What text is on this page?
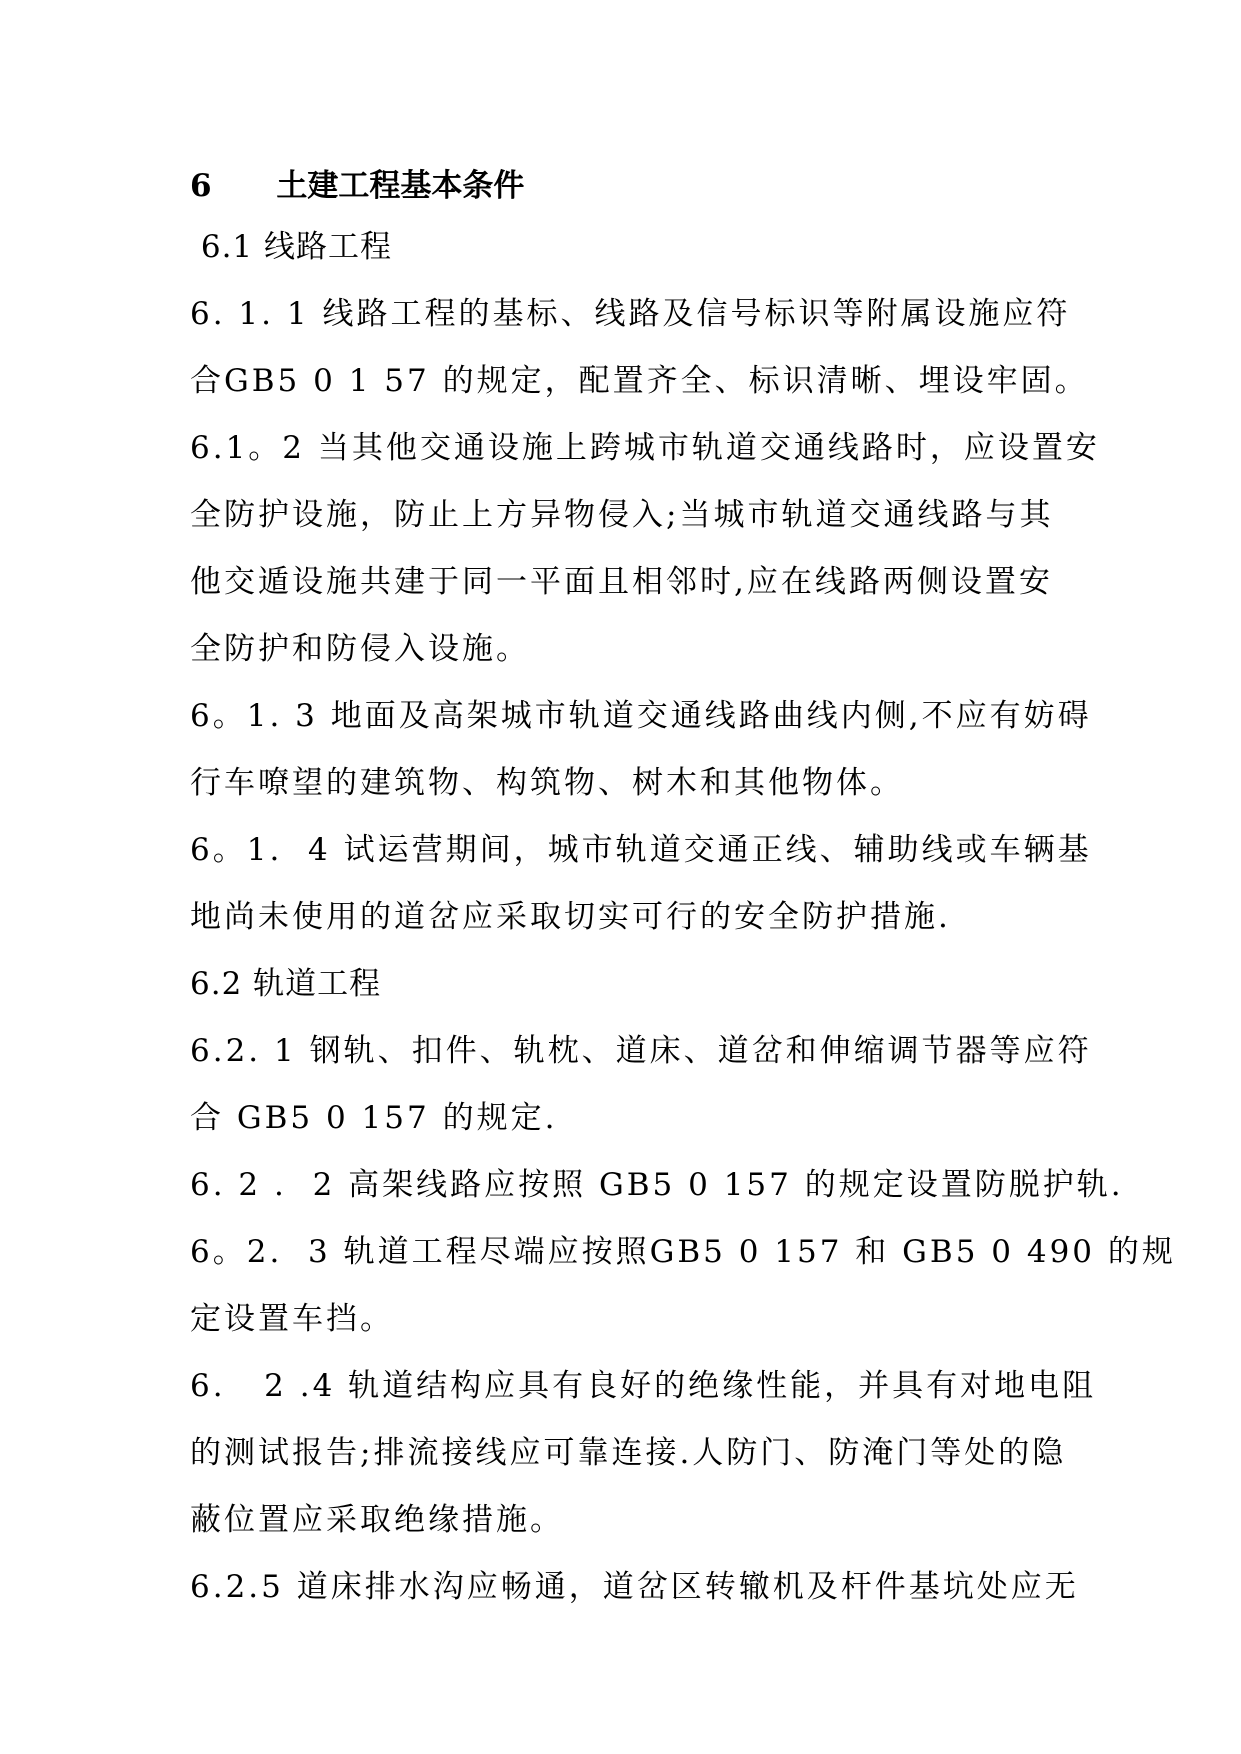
6      土建工程基本条件
6.1 线路工程
6. 1. 1 线路工程的基标、线路及信号标识等附属设施应符
合GB5 0 1 57 的规定，配置齐全、标识清晰、埋设牢固。
6.1。2 当其他交通设施上跨城市轨道交通线路时，应设置安
全防护设施，防止上方异物侵入;当城市轨道交通线路与其
他交遁设施共建于同一平面且相邻时,应在线路两侧设置安
全防护和防侵入设施。
6。1. 3 地面及高架城市轨道交通线路曲线内侧,不应有妨碍
行车嘹望的建筑物、构筑物、树木和其他物体。
6。1.  4 试运营期间，城市轨道交通正线、辅助线或车辆基
地尚未使用的道岔应采取切实可行的安全防护措施.
6.2 轨道工程
6.2. 1 钢轨、扣件、轨枕、道床、道岔和伸缩调节器等应符
合 GB5 0 157 的规定.
6. 2 .  2 高架线路应按照 GB5 0 157 的规定设置防脱护轨.
6。2.  3 轨道工程尽端应按照GB5 0 157 和 GB5 0 490 的规
定设置车挡。
6.   2 .4 轨道结构应具有良好的绝缘性能，并具有对地电阻
的测试报告;排流接线应可靠连接.人防门、防淹门等处的隐
蔽位置应采取绝缘措施。
6.2.5 道床排水沟应畅通，道岔区转辙机及杆件基坑处应无
